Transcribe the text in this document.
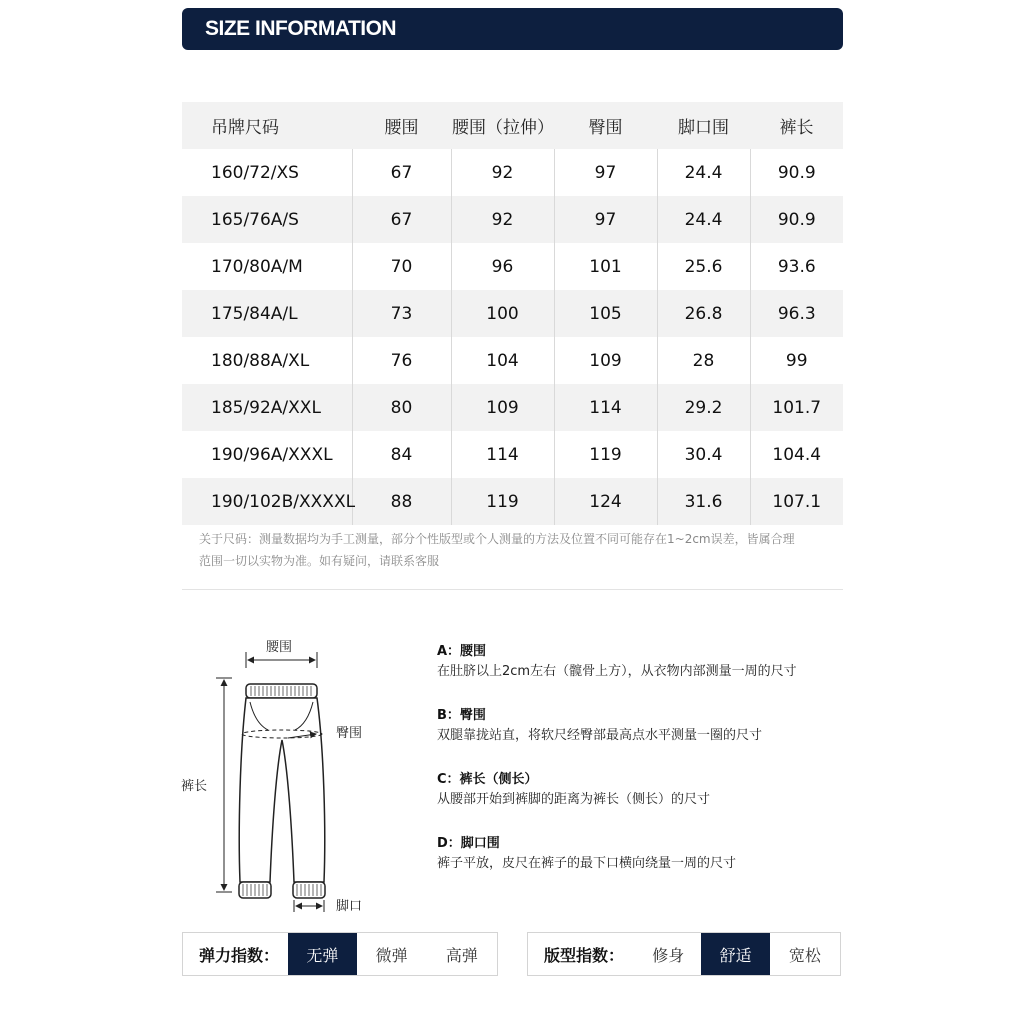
SIZE INFORMATION
吊牌尺码	腰围	腰围（拉伸）	臀围	脚口围	裤长
160/72/XS	67	92	97	24.4	90.9
165/76A/S	67	92	97	24.4	90.9
170/80A/M	70	96	101	25.6	93.6
175/84A/L	73	100	105	26.8	96.3
180/88A/XL	76	104	109	28	99
185/92A/XXL	80	109	114	29.2	101.7
190/96A/XXXL	84	114	119	30.4	104.4
190/102B/XXXXL	88	119	124	31.6	107.1
关于尺码：测量数据均为手工测量，部分个性版型或个人测量的方法及位置不同可能存在1~2cm误差，皆属合理
范围一切以实物为准。如有疑问，请联系客服
腰围
臀围
裤长
脚口
A：腰围
在肚脐以上2cm左右（髋骨上方），从衣物内部测量一周的尺寸
B：臀围
双腿靠拢站直，将软尺经臀部最高点水平测量一圈的尺寸
C：裤长（侧长）
从腰部开始到裤脚的距离为裤长（侧长）的尺寸
D：脚口围
裤子平放，皮尺在裤子的最下口横向绕量一周的尺寸
弹力指数：	无弹	微弹	高弹	版型指数：	修身	舒适	宽松
